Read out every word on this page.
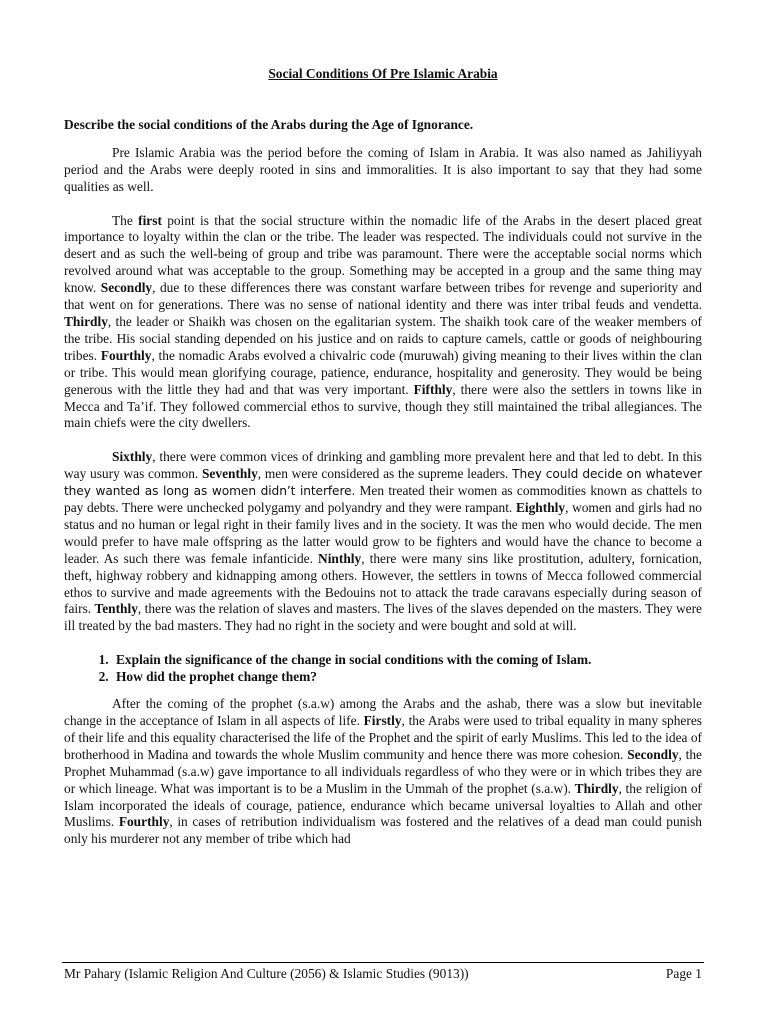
Social Conditions Of Pre Islamic Arabia
Describe the social conditions of the Arabs during the Age of Ignorance.

Pre Islamic Arabia was the period before the coming of Islam in Arabia. It was also named as Jahiliyyah period and the Arabs were deeply rooted in sins and immoralities. It is also important to say that they had some qualities as well.

The first point is that the social structure within the nomadic life of the Arabs in the desert placed great importance to loyalty within the clan or the tribe. The leader was respected. The individuals could not survive in the desert and as such the well-being of group and tribe was paramount. There were the acceptable social norms which revolved around what was acceptable to the group. Something may be accepted in a group and the same thing may know. Secondly, due to these differences there was constant warfare between tribes for revenge and superiority and that went on for generations. There was no sense of national identity and there was inter tribal feuds and vendetta. Thirdly, the leader or Shaikh was chosen on the egalitarian system. The shaikh took care of the weaker members of the tribe. His social standing depended on his justice and on raids to capture camels, cattle or goods of neighbouring tribes. Fourthly, the nomadic Arabs evolved a chivalric code (muruwah) giving meaning to their lives within the clan or tribe. This would mean glorifying courage, patience, endurance, hospitality and generosity. They would be being generous with the little they had and that was very important. Fifthly, there were also the settlers in towns like in Mecca and Ta’if. They followed commercial ethos to survive, though they still maintained the tribal allegiances. The main chiefs were the city dwellers.

Sixthly, there were common vices of drinking and gambling more prevalent here and that led to debt. In this way usury was common. Seventhly, men were considered as the supreme leaders. They could decide on whatever they wanted as long as women didn’t interfere. Men treated their women as commodities known as chattels to pay debts. There were unchecked polygamy and polyandry and they were rampant. Eighthly, women and girls had no status and no human or legal right in their family lives and in the society. It was the men who would decide. The men would prefer to have male offspring as the latter would grow to be fighters and would have the chance to become a leader. As such there was female infanticide. Ninthly, there were many sins like prostitution, adultery, fornication, theft, highway robbery and kidnapping among others. However, the settlers in towns of Mecca followed commercial ethos to survive and made agreements with the Bedouins not to attack the trade caravans especially during season of fairs. Tenthly, there was the relation of slaves and masters. The lives of the slaves depended on the masters. They were ill treated by the bad masters. They had no right in the society and were bought and sold at will.

1. Explain the significance of the change in social conditions with the coming of Islam.
2. How did the prophet change them?

After the coming of the prophet (s.a.w) among the Arabs and the ashab, there was a slow but inevitable change in the acceptance of Islam in all aspects of life. Firstly, the Arabs were used to tribal equality in many spheres of their life and this equality characterised the life of the Prophet and the spirit of early Muslims. This led to the idea of brotherhood in Madina and towards the whole Muslim community and hence there was more cohesion. Secondly, the Prophet Muhammad (s.a.w) gave importance to all individuals regardless of who they were or in which tribes they are or which lineage. What was important is to be a Muslim in the Ummah of the prophet (s.a.w). Thirdly, the religion of Islam incorporated the ideals of courage, patience, endurance which became universal loyalties to Allah and other Muslims. Fourthly, in cases of retribution individualism was fostered and the relatives of a dead man could punish only his murderer not any member of tribe which had

Mr Pahary (Islamic Religion And Culture (2056) & Islamic Studies (9013))	Page 1
